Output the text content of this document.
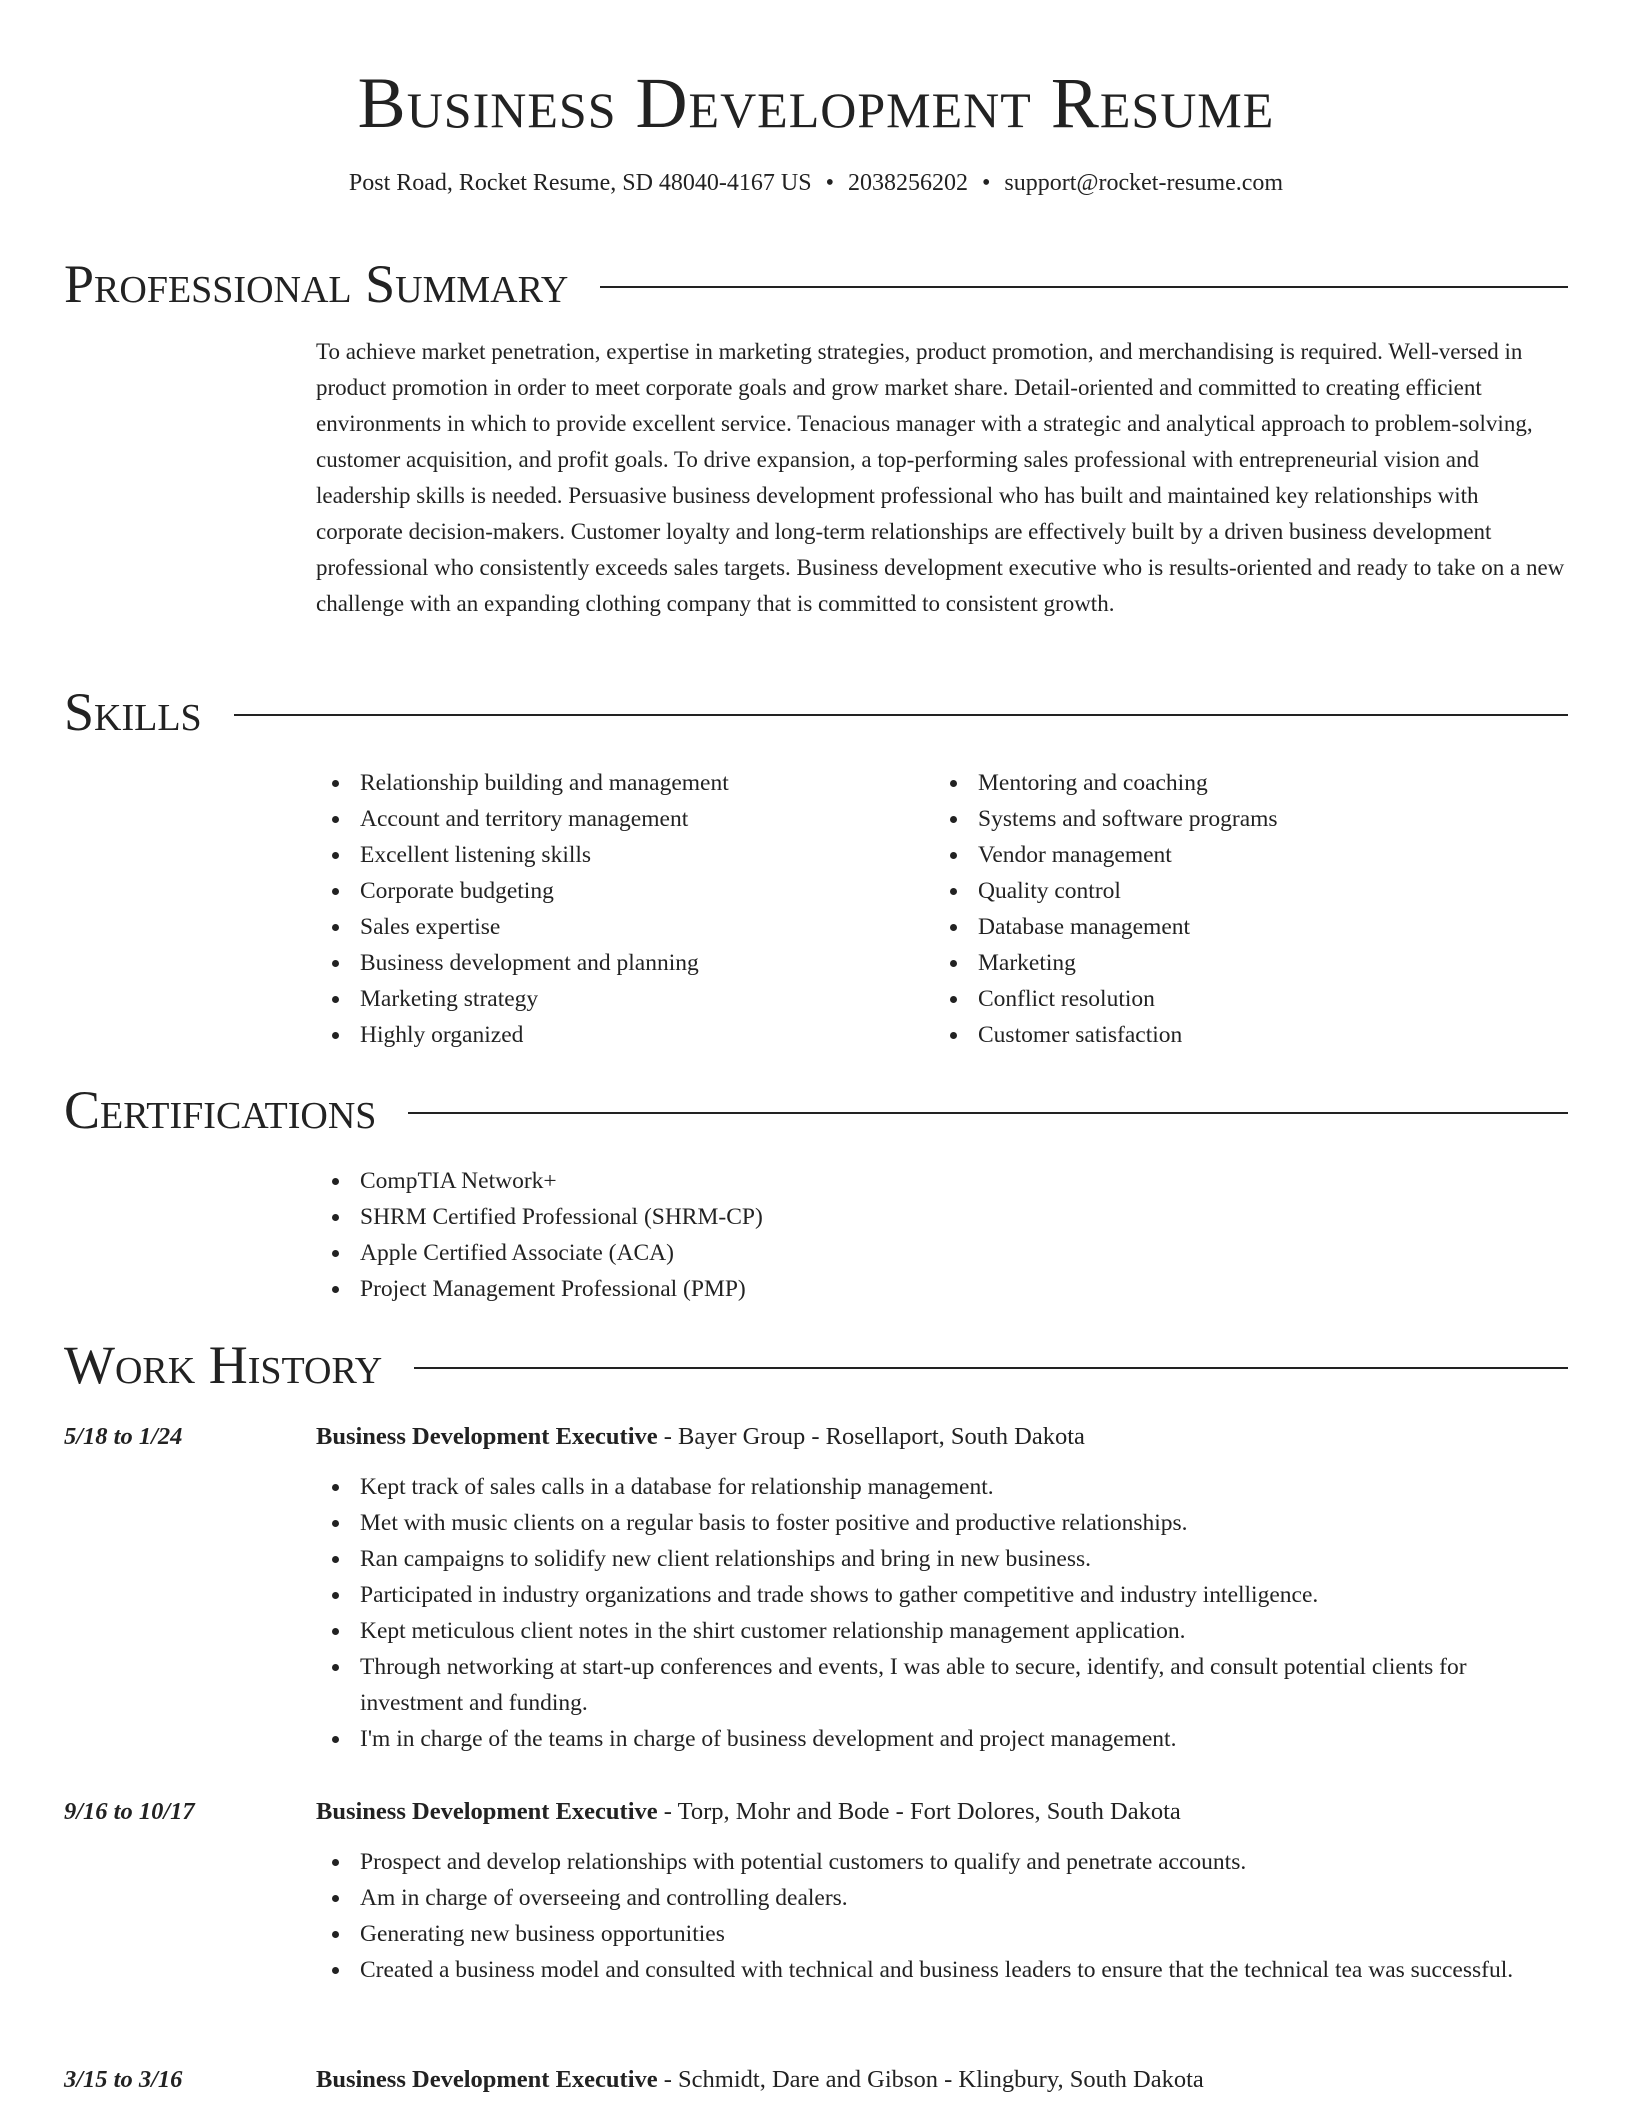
Business Development Resume
Post Road, Rocket Resume, SD 48040-4167 US • 2038256202 • support@rocket-resume.com
Professional Summary

To achieve market penetration, expertise in marketing strategies, product promotion, and merchandising is required. Well-versed in product promotion in order to meet corporate goals and grow market share. Detail-oriented and committed to creating efficient environments in which to provide excellent service. Tenacious manager with a strategic and analytical approach to problem-solving, customer acquisition, and profit goals. To drive expansion, a top-performing sales professional with entrepreneurial vision and leadership skills is needed. Persuasive business development professional who has built and maintained key relationships with corporate decision-makers. Customer loyalty and long-term relationships are effectively built by a driven business development professional who consistently exceeds sales targets. Business development executive who is results-oriented and ready to take on a new challenge with an expanding clothing company that is committed to consistent growth.

Skills
Relationship building and management
Account and territory management
Excellent listening skills
Corporate budgeting
Sales expertise
Business development and planning
Marketing strategy
Highly organized
Mentoring and coaching
Systems and software programs
Vendor management
Quality control
Database management
Marketing
Conflict resolution
Customer satisfaction
Certifications
CompTIA Network+
SHRM Certified Professional (SHRM-CP)
Apple Certified Associate (ACA)
Project Management Professional (PMP)
Work History
5/18 to 1/24	Business Development Executive - Bayer Group - Rosellaport, South Dakota
Kept track of sales calls in a database for relationship management.
Met with music clients on a regular basis to foster positive and productive relationships.
Ran campaigns to solidify new client relationships and bring in new business.
Participated in industry organizations and trade shows to gather competitive and industry intelligence.
Kept meticulous client notes in the shirt customer relationship management application.
Through networking at start-up conferences and events, I was able to secure, identify, and consult potential clients for investment and funding.
I'm in charge of the teams in charge of business development and project management.
9/16 to 10/17	Business Development Executive - Torp, Mohr and Bode - Fort Dolores, South Dakota
Prospect and develop relationships with potential customers to qualify and penetrate accounts.
Am in charge of overseeing and controlling dealers.
Generating new business opportunities
Created a business model and consulted with technical and business leaders to ensure that the technical tea was successful.
3/15 to 3/16	Business Development Executive - Schmidt, Dare and Gibson - Klingbury, South Dakota
